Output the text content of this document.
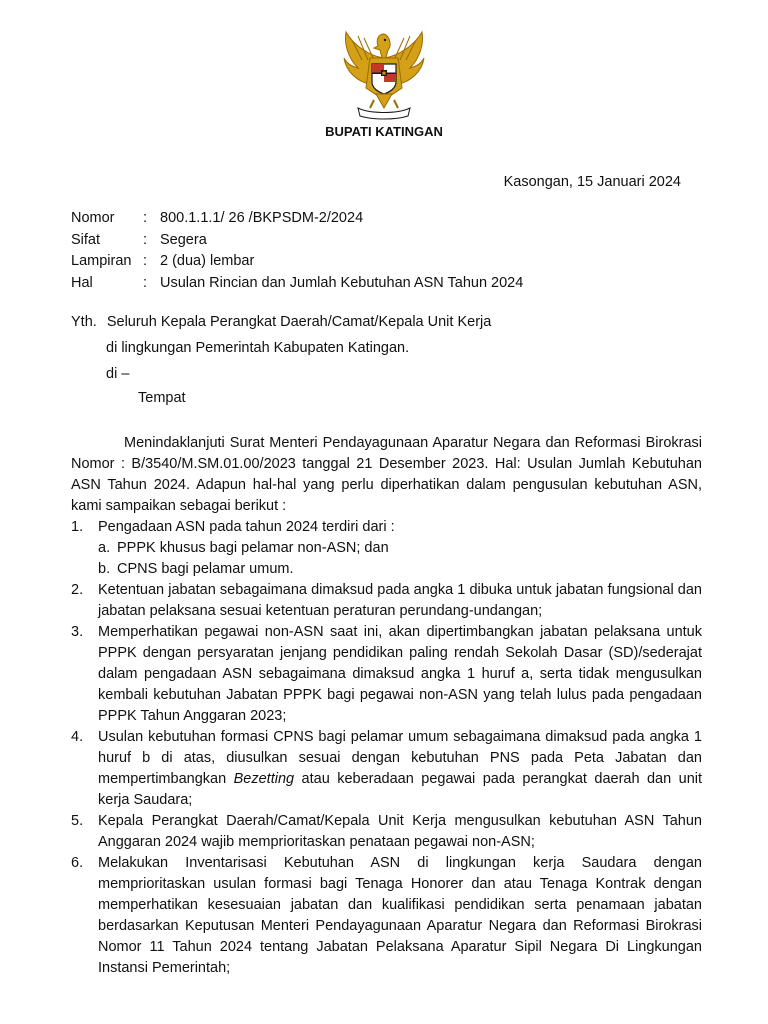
BUPATI KATINGAN
Kasongan, 15 Januari 2024
Nomor	: 800.1.1.1/ 26 /BKPSDM-2/2024
Sifat	: Segera
Lampiran : 2 (dua) lembar
Hal	: Usulan Rincian dan Jumlah Kebutuhan ASN Tahun 2024
Yth. Seluruh Kepala Perangkat Daerah/Camat/Kepala Unit Kerja
di lingkungan Pemerintah Kabupaten Katingan.
di –
Tempat
Menindaklanjuti Surat Menteri Pendayagunaan Aparatur Negara dan Reformasi Birokrasi Nomor : B/3540/M.SM.01.00/2023 tanggal 21 Desember 2023. Hal: Usulan Jumlah Kebutuhan ASN Tahun 2024. Adapun hal-hal yang perlu diperhatikan dalam pengusulan kebutuhan ASN, kami sampaikan sebagai berikut :
1.	Pengadaan ASN pada tahun 2024 terdiri dari :
a. PPPK khusus bagi pelamar non-ASN; dan
b. CPNS bagi pelamar umum.
2.	Ketentuan jabatan sebagaimana dimaksud pada angka 1 dibuka untuk jabatan fungsional dan jabatan pelaksana sesuai ketentuan peraturan perundang-undangan;
3.	Memperhatikan pegawai non-ASN saat ini, akan dipertimbangkan jabatan pelaksana untuk PPPK dengan persyaratan jenjang pendidikan paling rendah Sekolah Dasar (SD)/sederajat dalam pengadaan ASN sebagaimana dimaksud angka 1 huruf a, serta tidak mengusulkan kembali kebutuhan Jabatan PPPK bagi pegawai non-ASN yang telah lulus pada pengadaan PPPK Tahun Anggaran 2023;
4.	Usulan kebutuhan formasi CPNS bagi pelamar umum sebagaimana dimaksud pada angka 1 huruf b di atas, diusulkan sesuai dengan kebutuhan PNS pada Peta Jabatan dan mempertimbangkan Bezetting atau keberadaan pegawai pada perangkat daerah dan unit kerja Saudara;
5.	Kepala Perangkat Daerah/Camat/Kepala Unit Kerja mengusulkan kebutuhan ASN Tahun Anggaran 2024 wajib memprioritaskan penataan pegawai non-ASN;
6.	Melakukan Inventarisasi Kebutuhan ASN di lingkungan kerja Saudara dengan memprioritaskan usulan formasi bagi Tenaga Honorer dan atau Tenaga Kontrak dengan memperhatikan kesesuaian jabatan dan kualifikasi pendidikan serta penamaan jabatan berdasarkan Keputusan Menteri Pendayagunaan Aparatur Negara dan Reformasi Birokrasi Nomor 11 Tahun 2024 tentang Jabatan Pelaksana Aparatur Sipil Negara Di Lingkungan Instansi Pemerintah;
